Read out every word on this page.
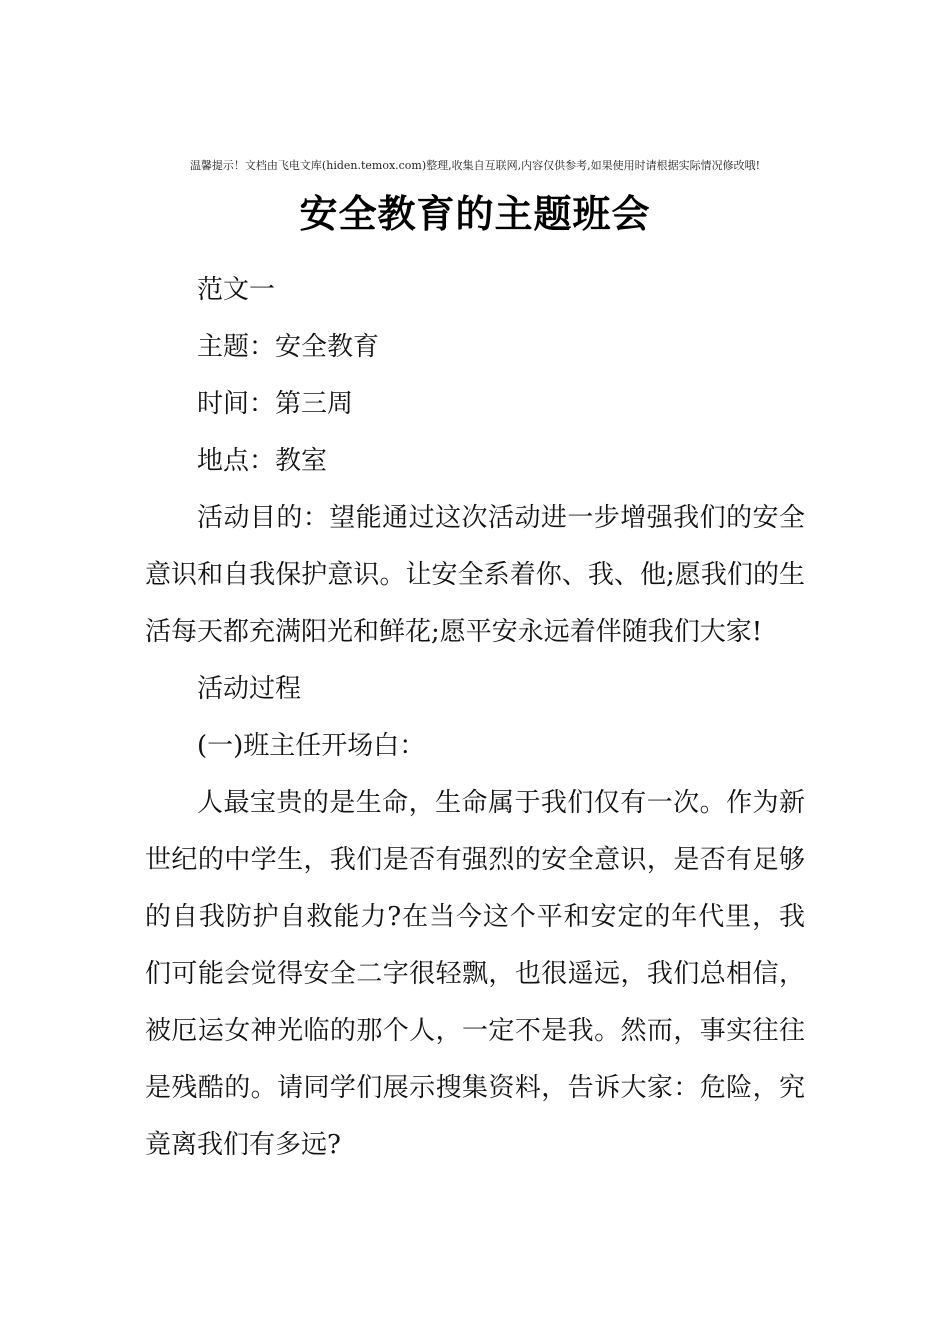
温馨提示！文档由飞电文库(hiden.temox.com)整理,收集自互联网,内容仅供参考,如果使用时请根据实际情况修改哦!
安全教育的主题班会

范文一

主题：安全教育

时间：第三周

地点：教室

活动目的：望能通过这次活动进一步增强我们的安全意识和自我保护意识。让安全系着你、我、他;愿我们的生活每天都充满阳光和鲜花;愿平安永远着伴随我们大家!

活动过程

(一)班主任开场白：

人最宝贵的是生命，生命属于我们仅有一次。作为新世纪的中学生，我们是否有强烈的安全意识，是否有足够的自我防护自救能力?在当今这个平和安定的年代里，我们可能会觉得安全二字很轻飘，也很遥远，我们总相信，被厄运女神光临的那个人，一定不是我。然而，事实往往是残酷的。请同学们展示搜集资料，告诉大家：危险，究竟离我们有多远?
